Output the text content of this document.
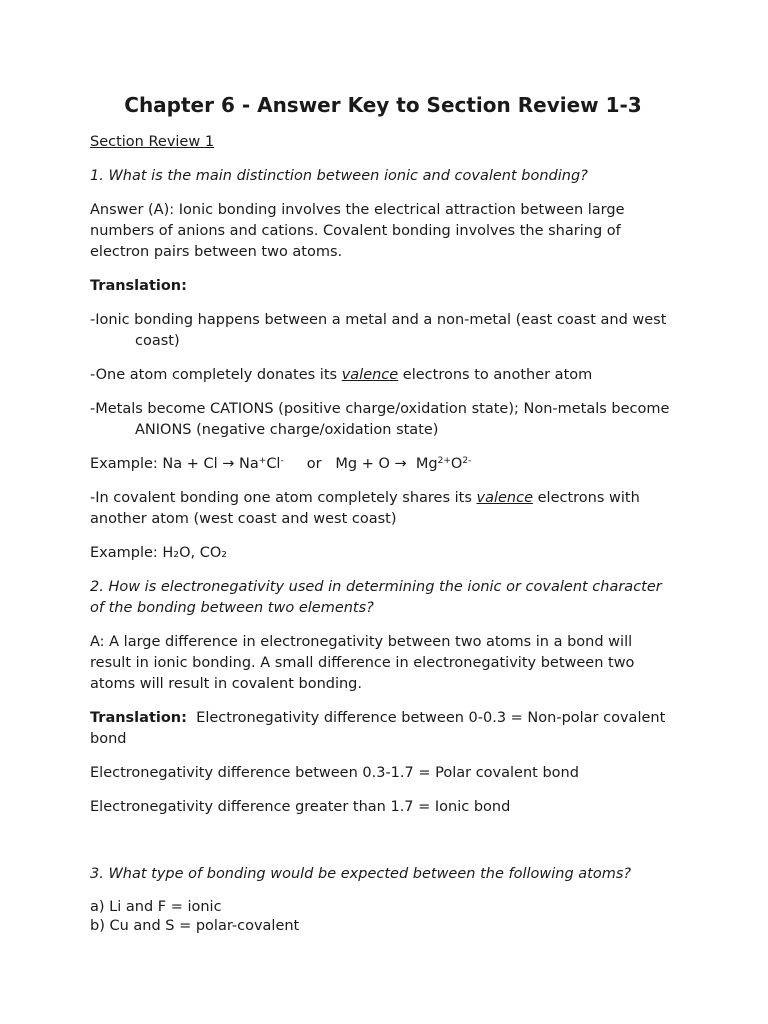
Chapter 6 - Answer Key to Section Review 1-3

Section Review 1

1. What is the main distinction between ionic and covalent bonding?

Answer (A): Ionic bonding involves the electrical attraction between large numbers of anions and cations. Covalent bonding involves the sharing of electron pairs between two atoms.

Translation:

-Ionic bonding happens between a metal and a non-metal (east coast and west coast)

-One atom completely donates its valence electrons to another atom

-Metals become CATIONS (positive charge/oxidation state); Non-metals become ANIONS (negative charge/oxidation state)

Example: Na + Cl → Na+Cl-     or   $Mg + O \to Mg^{2+}O^{2-}$

-In covalent bonding one atom completely shares its valence electrons with another atom (west coast and west coast)

Example: H₂O, CO₂

2. How is electronegativity used in determining the ionic or covalent character of the bonding between two elements?

A: A large difference in electronegativity between two atoms in a bond will result in ionic bonding. A small difference in electronegativity between two atoms will result in covalent bonding.

Translation:  Electronegativity difference between 0-0.3 = Non-polar covalent bond

Electronegativity difference between 0.3-1.7 = Polar covalent bond

Electronegativity difference greater than 1.7 = Ionic bond

3. What type of bonding would be expected between the following atoms?

a) Li and F = ionic
b) Cu and S = polar-covalent
